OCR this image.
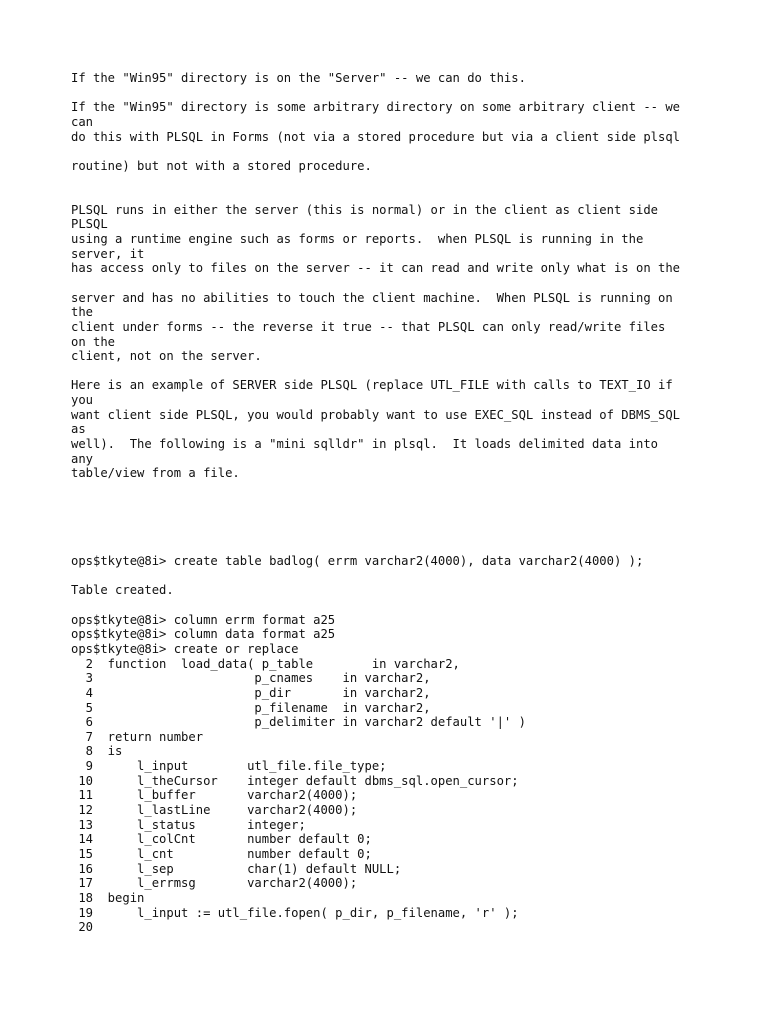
If the "Win95" directory is on the "Server" -- we can do this.
If the "Win95" directory is some arbitrary directory on some arbitrary client -- we
can
do this with PLSQL in Forms (not via a stored procedure but via a client side plsql
routine) but not with a stored procedure.
PLSQL runs in either the server (this is normal) or in the client as client side
PLSQL
using a runtime engine such as forms or reports.  when PLSQL is running in the
server, it
has access only to files on the server -- it can read and write only what is on the
server and has no abilities to touch the client machine.  When PLSQL is running on
the
client under forms -- the reverse it true -- that PLSQL can only read/write files
on the
client, not on the server.
Here is an example of SERVER side PLSQL (replace UTL_FILE with calls to TEXT_IO if
you
want client side PLSQL, you would probably want to use EXEC_SQL instead of DBMS_SQL
as
well).  The following is a "mini sqlldr" in plsql.  It loads delimited data into
any
table/view from a file.
ops$tkyte@8i> create table badlog( errm varchar2(4000), data varchar2(4000) );
Table created.
ops$tkyte@8i> column errm format a25
ops$tkyte@8i> column data format a25
ops$tkyte@8i> create or replace
2  function  load_data( p_table        in varchar2,
3                      p_cnames    in varchar2,
4                      p_dir       in varchar2,
5                      p_filename  in varchar2,
6                      p_delimiter in varchar2 default '|' )
7  return number
8  is
9      l_input        utl_file.file_type;
10      l_theCursor    integer default dbms_sql.open_cursor;
11      l_buffer       varchar2(4000);
12      l_lastLine     varchar2(4000);
13      l_status       integer;
14      l_colCnt       number default 0;
15      l_cnt          number default 0;
16      l_sep          char(1) default NULL;
17      l_errmsg       varchar2(4000);
18  begin
19      l_input := utl_file.fopen( p_dir, p_filename, 'r' );
20
